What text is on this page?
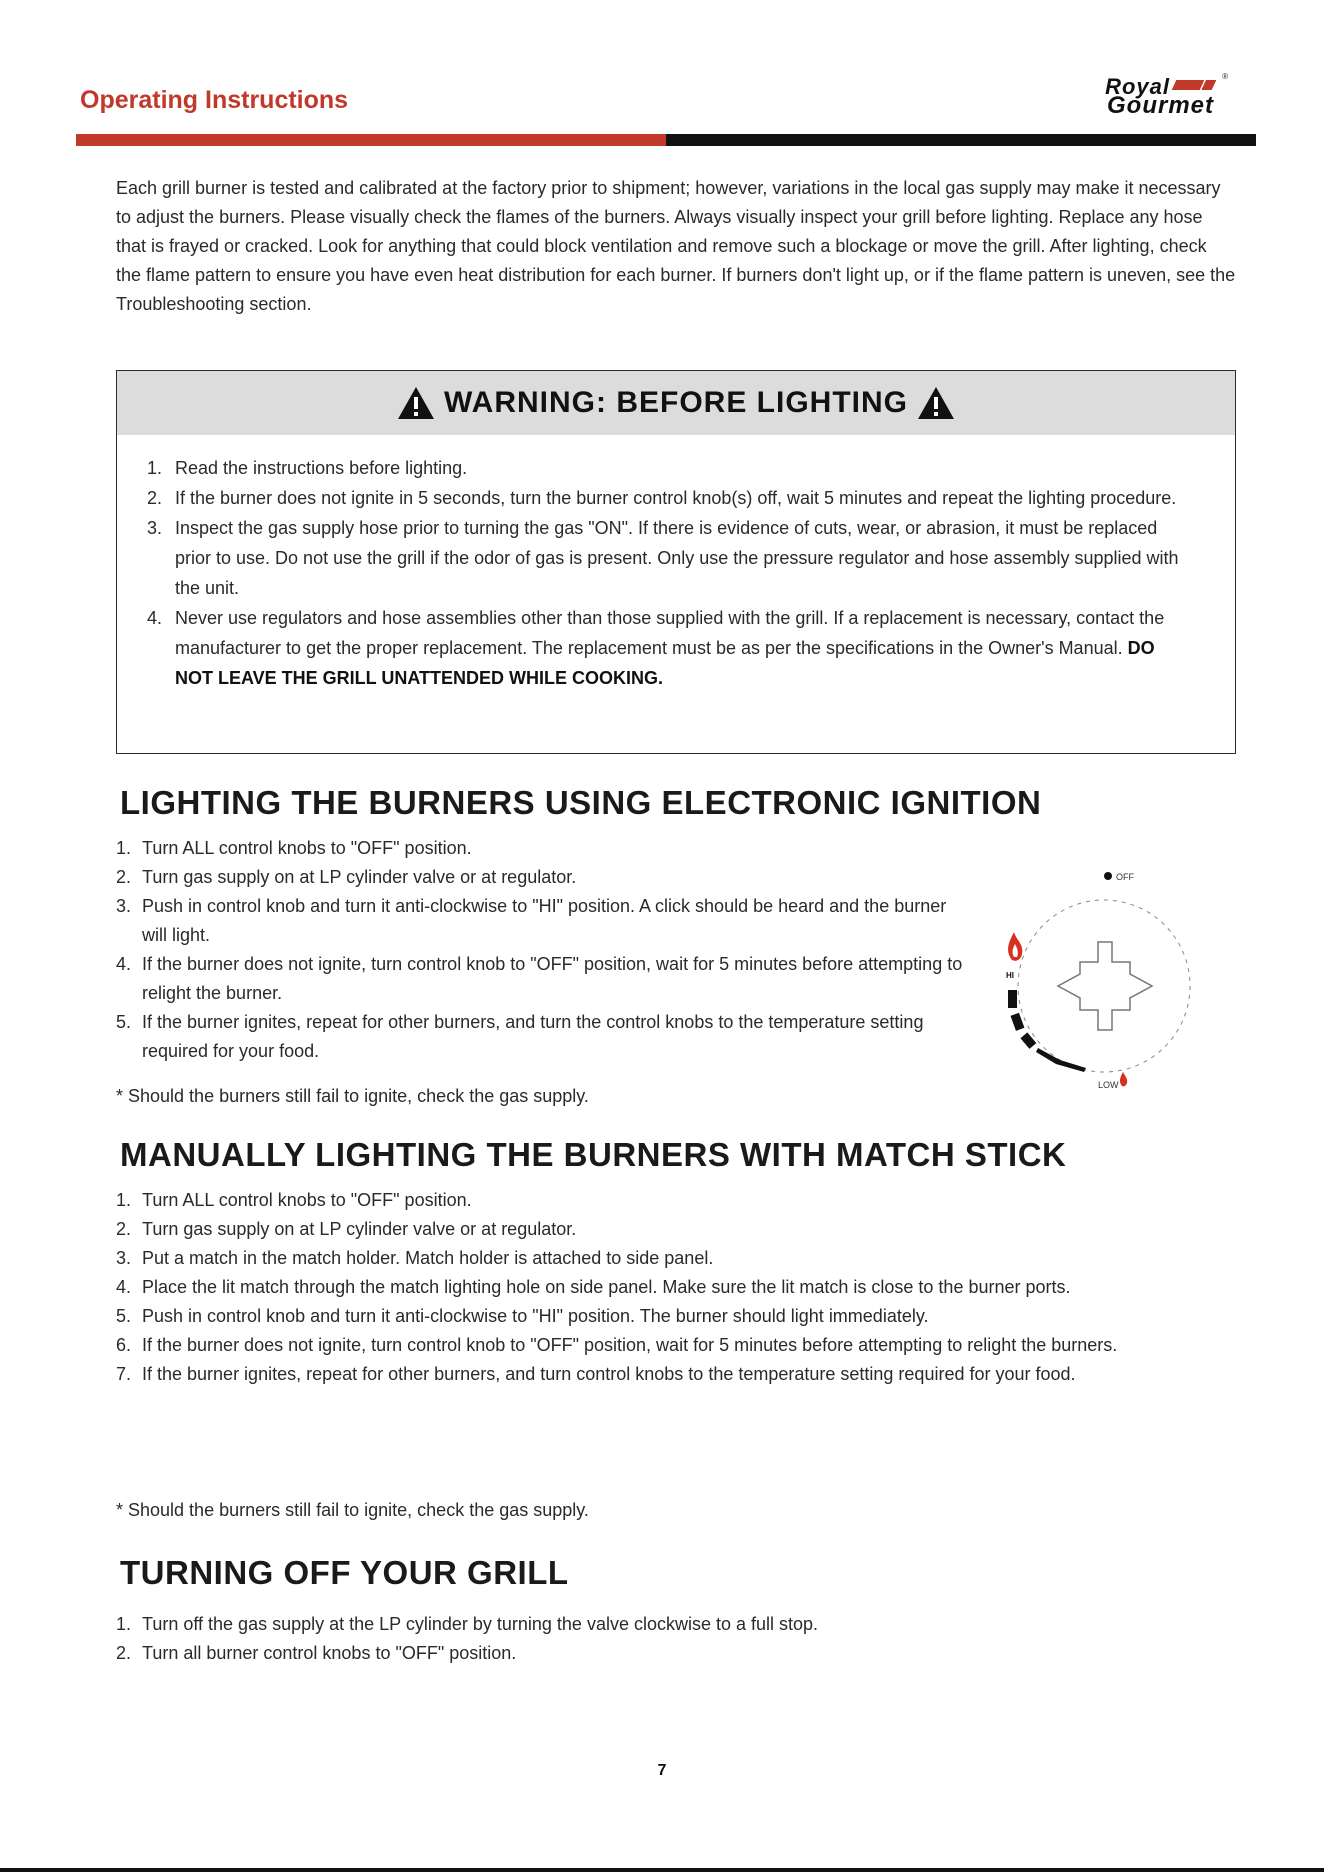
Operating Instructions	Royal	®
Gourmet
Each grill burner is tested and calibrated at the factory prior to shipment; however, variations in the local gas supply may make it necessary to adjust the burners. Please visually check the flames of the burners. Always visually inspect your grill before lighting. Replace any hose that is frayed or cracked. Look for anything that could block ventilation and remove such a blockage or move the grill. After lighting, check the flame pattern to ensure you have even heat distribution for each burner. If burners don't light up, or if the flame pattern is uneven, see the Troubleshooting section.
WARNING: BEFORE LIGHTING
1. Read the instructions before lighting.
2. If the burner does not ignite in 5 seconds, turn the burner control knob(s) off, wait 5 minutes and repeat the lighting procedure.
3. Inspect the gas supply hose prior to turning the gas "ON". If there is evidence of cuts, wear, or abrasion, it must be replaced prior to use. Do not use the grill if the odor of gas is present. Only use the pressure regulator and hose assembly supplied with the unit.
4. Never use regulators and hose assemblies other than those supplied with the grill. If a replacement is necessary, contact the manufacturer to get the proper replacement. The replacement must be as per the specifications in the Owner's Manual. DO NOT LEAVE THE GRILL UNATTENDED WHILE COOKING.
LIGHTING THE BURNERS USING ELECTRONIC IGNITION
1. Turn ALL control knobs to "OFF" position.
2. Turn gas supply on at LP cylinder valve or at regulator.
3. Push in control knob and turn it anti-clockwise to "HI" position. A click should be heard and the burner will light.
4. If the burner does not ignite, turn control knob to "OFF" position, wait for 5 minutes before attempting to relight the burner.
5. If the burner ignites, repeat for other burners, and turn the control knobs to the temperature setting required for your food.
* Should the burners still fail to ignite, check the gas supply.
OFF
HI
LOW
MANUALLY LIGHTING THE BURNERS WITH MATCH STICK
1. Turn ALL control knobs to "OFF" position.
2. Turn gas supply on at LP cylinder valve or at regulator.
3. Put a match in the match holder. Match holder is attached to side panel.
4. Place the lit match through the match lighting hole on side panel. Make sure the lit match is close to the burner ports.
5. Push in control knob and turn it anti-clockwise to "HI" position. The burner should light immediately.
6. If the burner does not ignite, turn control knob to "OFF" position, wait for 5 minutes before attempting to relight the burners.
7. If the burner ignites, repeat for other burners, and turn control knobs to the temperature setting required for your food.
* Should the burners still fail to ignite, check the gas supply.
TURNING OFF YOUR GRILL
1. Turn off the gas supply at the LP cylinder by turning the valve clockwise to a full stop.
2. Turn all burner control knobs to "OFF" position.
7
